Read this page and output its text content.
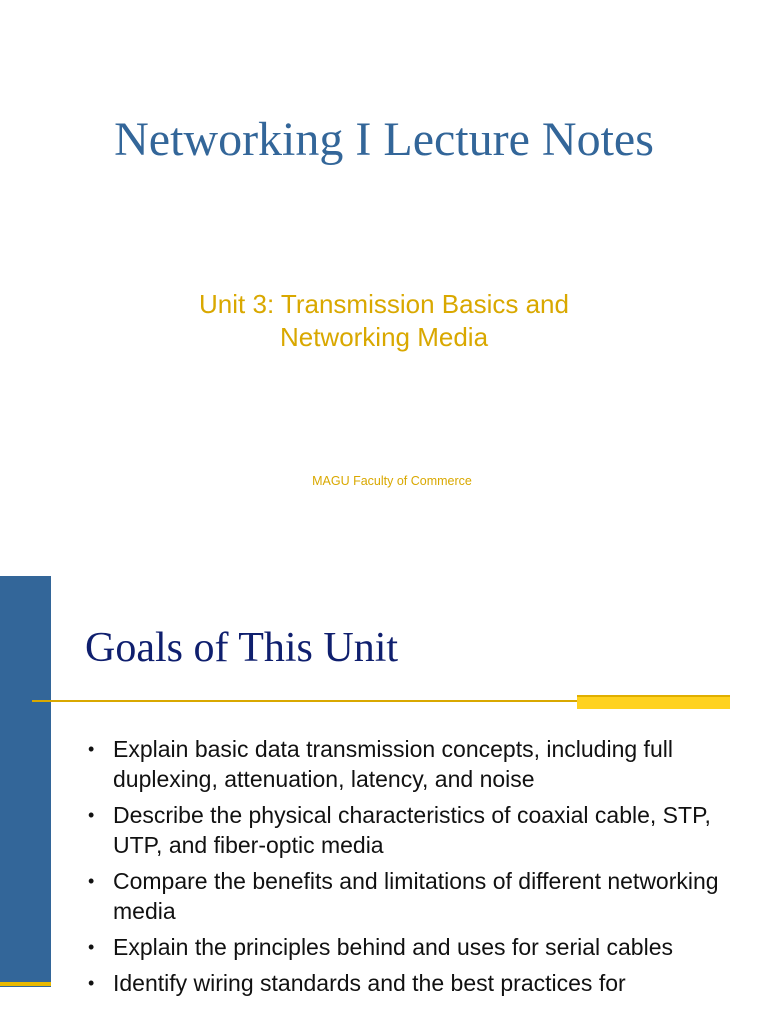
Networking I Lecture Notes
Unit 3: Transmission Basics and
Networking Media
MAGU Faculty of Commerce
Goals of This Unit
• Explain basic data transmission concepts, including full duplexing, attenuation, latency, and noise
• Describe the physical characteristics of coaxial cable, STP, UTP, and fiber-optic media
• Compare the benefits and limitations of different networking media
• Explain the principles behind and uses for serial cables
• Identify wiring standards and the best practices for
